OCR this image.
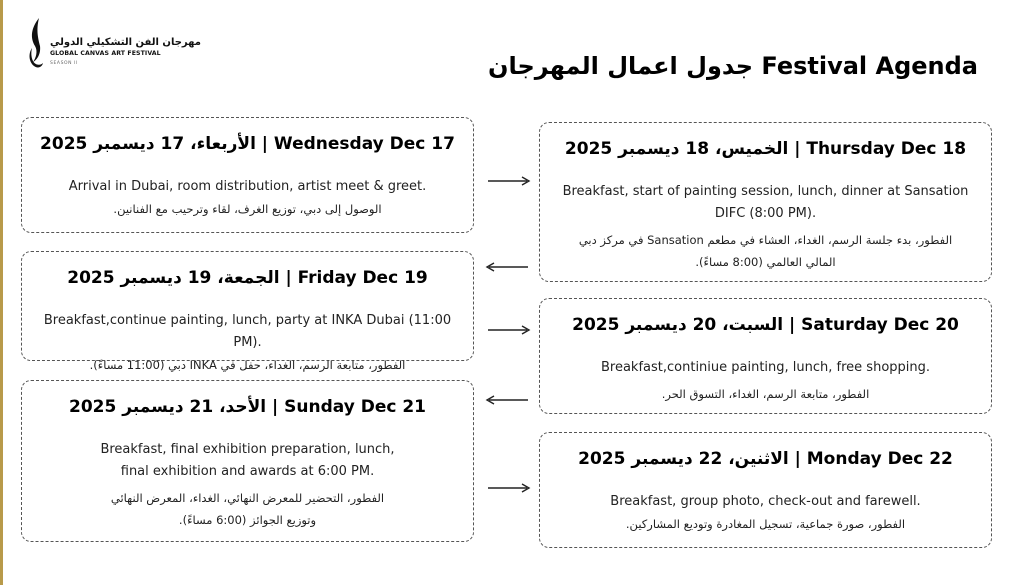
مهرجان الفن التشكيلي الدولي
GLOBAL CANVAS ART FESTIVAL
SEASON II	جدول اعمال المهرجان Festival Agenda
الأربعاء، 17 ديسمبر 2025 | Wednesday Dec 17
Arrival in Dubai, room distribution, artist meet & greet.
الوصول إلى دبي، توزيع الغرف، لقاء وترحيب مع الفنانين.
الجمعة، 19 ديسمبر 2025 | Friday Dec 19
Breakfast,continue painting, lunch, party at INKA Dubai (11:00 PM).
الفطور، متابعة الرسم، الغداء، حفل في INKA دبي (11:00 مساءً).
الأحد، 21 ديسمبر 2025 | Sunday Dec 21
Breakfast, final exhibition preparation, lunch,
final exhibition and awards at 6:00 PM.
الفطور، التحضير للمعرض النهائي، الغداء، المعرض النهائي
وتوزيع الجوائز (6:00 مساءً).
الخميس، 18 ديسمبر 2025 | Thursday Dec 18
Breakfast, start of painting session, lunch, dinner at Sansation
DIFC (8:00 PM).
الفطور، بدء جلسة الرسم، الغداء، العشاء في مطعم Sansation في مركز دبي
المالي العالمي (8:00 مساءً).
السبت، 20 ديسمبر 2025 | Saturday Dec 20
Breakfast,continiue painting, lunch, free shopping.
الفطور، متابعة الرسم، الغداء، التسوق الحر.
الاثنين، 22 ديسمبر 2025 | Monday Dec 22
Breakfast, group photo, check-out and farewell.
الفطور، صورة جماعية، تسجيل المغادرة وتوديع المشاركين.
